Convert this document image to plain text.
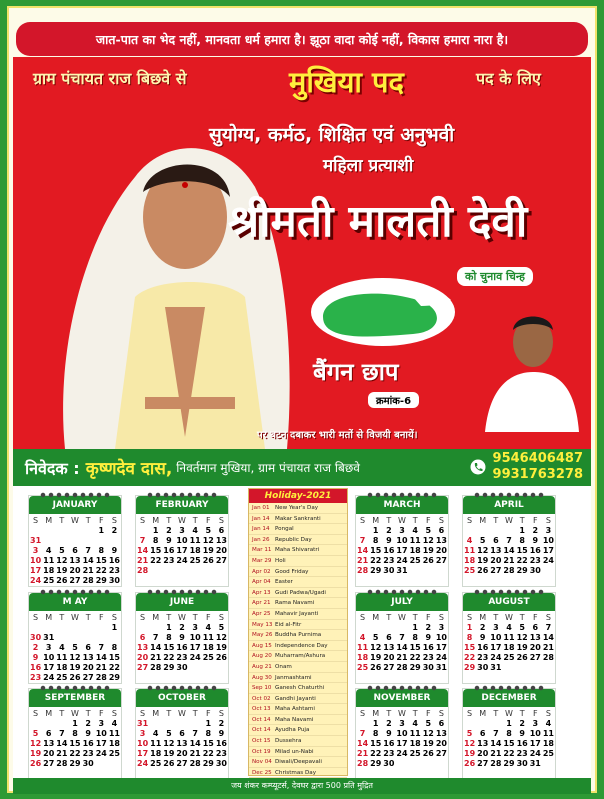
जात-पात का भेद नहीं, मानवता धर्म हमारा है। झूठा वादा कोई नहीं, विकास हमारा नारा है।
ग्राम पंचायत राज बिछवे से	मुखिया पद	पद के लिए
सुयोग्य, कर्मठ, शिक्षित एवं अनुभवी
महिला प्रत्याशी
श्रीमती मालती देवी
को चुनाव चिन्ह
बैंगन छाप
क्रमांक-6
पर बटन दबाकर भारी मतों से विजयी बनायें।
निवेदक : कृष्णदेव दास, निवर्तमान मुखिया, ग्राम पंचायत राज बिछवे
9546406487
9931763278
JANUARY
S	M	T	W	T	F	S
					1	2
31						
3	4	5	6	7	8	9
10	11	12	13	14	15	16
17	18	19	20	21	22	23
24	25	26	27	28	29	30
FEBRUARY
S	M	T	W	T	F	S
	1	2	3	4	5	6
7	8	9	10	11	12	13
14	15	16	17	18	19	20
21	22	23	24	25	26	27
28						
MARCH
S	M	T	W	T	F	S
	1	2	3	4	5	6
7	8	9	10	11	12	13
14	15	16	17	18	19	20
21	22	23	24	25	26	27
28	29	30	31			
APRIL
S	M	T	W	T	F	S
				1	2	3
4	5	6	7	8	9	10
11	12	13	14	15	16	17
18	19	20	21	22	23	24
25	26	27	28	29	30	
M AY
S	M	T	W	T	F	S
						1
30	31					
2	3	4	5	6	7	8
9	10	11	12	13	14	15
16	17	18	19	20	21	22
23	24	25	26	27	28	29
JUNE
S	M	T	W	T	F	S
		1	2	3	4	5
6	7	8	9	10	11	12
13	14	15	16	17	18	19
20	21	22	23	24	25	26
27	28	29	30			
JULY
S	M	T	W	T	F	S
				1	2	3
4	5	6	7	8	9	10
11	12	13	14	15	16	17
18	19	20	21	22	23	24
25	26	27	28	29	30	31
AUGUST
S	M	T	W	T	F	S
1	2	3	4	5	6	7
8	9	10	11	12	13	14
15	16	17	18	19	20	21
22	23	24	25	26	27	28
29	30	31				
SEPTEMBER
S	M	T	W	T	F	S
			1	2	3	4
5	6	7	8	9	10	11
12	13	14	15	16	17	18
19	20	21	22	23	24	25
26	27	28	29	30		
OCTOBER
S	M	T	W	T	F	S
31					1	2
3	4	5	6	7	8	9
10	11	12	13	14	15	16
17	18	19	20	21	22	23
24	25	26	27	28	29	30
NOVEMBER
S	M	T	W	T	F	S
	1	2	3	4	5	6
7	8	9	10	11	12	13
14	15	16	17	18	19	20
21	22	23	24	25	26	27
28	29	30				
DECEMBER
S	M	T	W	T	F	S
			1	2	3	4
5	6	7	8	9	10	11
12	13	14	15	16	17	18
19	20	21	22	23	24	25
26	27	28	29	30	31	
Holiday-2021
Jan 01 New Year's Day
Jan 14 Makar Sankranti
Jan 14 Pongal
Jan 26 Republic Day
Mar 11 Maha Shivaratri
Mar 29 Holi
Apr 02 Good Friday
Apr 04 Easter
Apr 13 Gudi Padwa/Ugadi
Apr 21 Rama Navami
Apr 25 Mahavir Jayanti
May 13 Eid al-Fitr
May 26 Buddha Purnima
Aug 15 Independence Day
Aug 20 Muharram/Ashura
Aug 21 Onam
Aug 30 Janmashtami
Sep 10 Ganesh Chaturthi
Oct 02 Gandhi Jayanti
Oct 13 Maha Ashtami
Oct 14 Maha Navami
Oct 14 Ayudha Puja
Oct 15 Dussehra
Oct 19 Milad un-Nabi
Nov 04 Diwali/Deepavali
Dec 25 Christmas Day
जय शंकर कम्प्यूटर्स, देवघर द्वारा 500 प्रति मुद्रित
